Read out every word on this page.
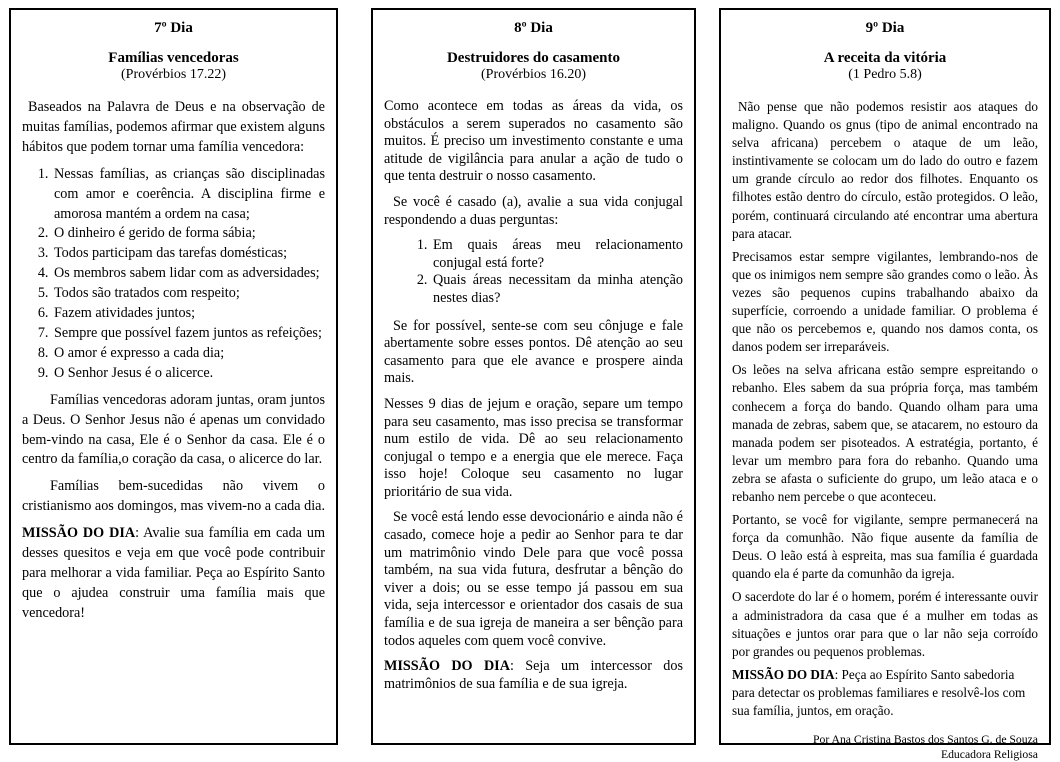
7º Dia
Famílias vencedoras
(Provérbios 17.22)

Baseados na Palavra de Deus e na observação de muitas famílias, podemos afirmar que existem alguns hábitos que podem tornar uma família vencedora:

1. Nessas famílias, as crianças são disciplinadas com amor e coerência. A disciplina firme e amorosa mantém a ordem na casa;
2. O dinheiro é gerido de forma sábia;
3. Todos participam das tarefas domésticas;
4. Os membros sabem lidar com as adversidades;
5. Todos são tratados com respeito;
6. Fazem atividades juntos;
7. Sempre que possível fazem juntos as refeições;
8. O amor é expresso a cada dia;
9. O Senhor Jesus é o alicerce.

Famílias vencedoras adoram juntas, oram juntos a Deus. O Senhor Jesus não é apenas um convidado bem-vindo na casa, Ele é o Senhor da casa. Ele é o centro da família,o coração da casa, o alicerce do lar.

Famílias bem-sucedidas não vivem o cristianismo aos domingos, mas vivem-no a cada dia.

MISSÃO DO DIA: Avalie sua família em cada um desses quesitos e veja em que você pode contribuir para melhorar a vida familiar. Peça ao Espírito Santo que o ajudea construir uma família mais que vencedora!

8º Dia
Destruidores do casamento
(Provérbios 16.20)

Como acontece em todas as áreas da vida, os obstáculos a serem superados no casamento são muitos. É preciso um investimento constante e uma atitude de vigilância para anular a ação de tudo o que tenta destruir o nosso casamento.

Se você é casado (a), avalie a sua vida conjugal respondendo a duas perguntas:

1. Em quais áreas meu relacionamento conjugal está forte?
2. Quais áreas necessitam da minha atenção nestes dias?

Se for possível, sente-se com seu cônjuge e fale abertamente sobre esses pontos. Dê atenção ao seu casamento para que ele avance e prospere ainda mais.

Nesses 9 dias de jejum e oração, separe um tempo para seu casamento, mas isso precisa se transformar num estilo de vida. Dê ao seu relacionamento conjugal o tempo e a energia que ele merece. Faça isso hoje! Coloque seu casamento no lugar prioritário de sua vida.

Se você está lendo esse devocionário e ainda não é casado, comece hoje a pedir ao Senhor para te dar um matrimônio vindo Dele para que você possa também, na sua vida futura, desfrutar a bênção do viver a dois; ou se esse tempo já passou em sua vida, seja intercessor e orientador dos casais de sua família e de sua igreja de maneira a ser bênção para todos aqueles com quem você convive.

MISSÃO DO DIA: Seja um intercessor dos matrimônios de sua família e de sua igreja.

9º Dia
A receita da vitória
(1 Pedro 5.8)

Não pense que não podemos resistir aos ataques do maligno. Quando os gnus (tipo de animal encontrado na selva africana) percebem o ataque de um leão, instintivamente se colocam um do lado do outro e fazem um grande círculo ao redor dos filhotes. Enquanto os filhotes estão dentro do círculo, estão protegidos. O leão, porém, continuará circulando até encontrar uma abertura para atacar.

Precisamos estar sempre vigilantes, lembrando-nos de que os inimigos nem sempre são grandes como o leão. Às vezes são pequenos cupins trabalhando abaixo da superfície, corroendo a unidade familiar. O problema é que não os percebemos e, quando nos damos conta, os danos podem ser irreparáveis.

Os leões na selva africana estão sempre espreitando o rebanho. Eles sabem da sua própria força, mas também conhecem a força do bando. Quando olham para uma manada de zebras, sabem que, se atacarem, no estouro da manada podem ser pisoteados. A estratégia, portanto, é levar um membro para fora do rebanho. Quando uma zebra se afasta o suficiente do grupo, um leão ataca e o rebanho nem percebe o que aconteceu.

Portanto, se você for vigilante, sempre permanecerá na força da comunhão. Não fique ausente da família de Deus. O leão está à espreita, mas sua família é guardada quando ela é parte da comunhão da igreja.

O sacerdote do lar é o homem, porém é interessante ouvir a administradora da casa que é a mulher em todas as situações e juntos orar para que o lar não seja corroído por grandes ou pequenos problemas.

MISSÃO DO DIA: Peça ao Espírito Santo sabedoria para detectar os problemas familiares e resolvê-los com sua família, juntos, em oração.

Por Ana Cristina Bastos dos Santos G. de Souza
Educadora Religiosa
